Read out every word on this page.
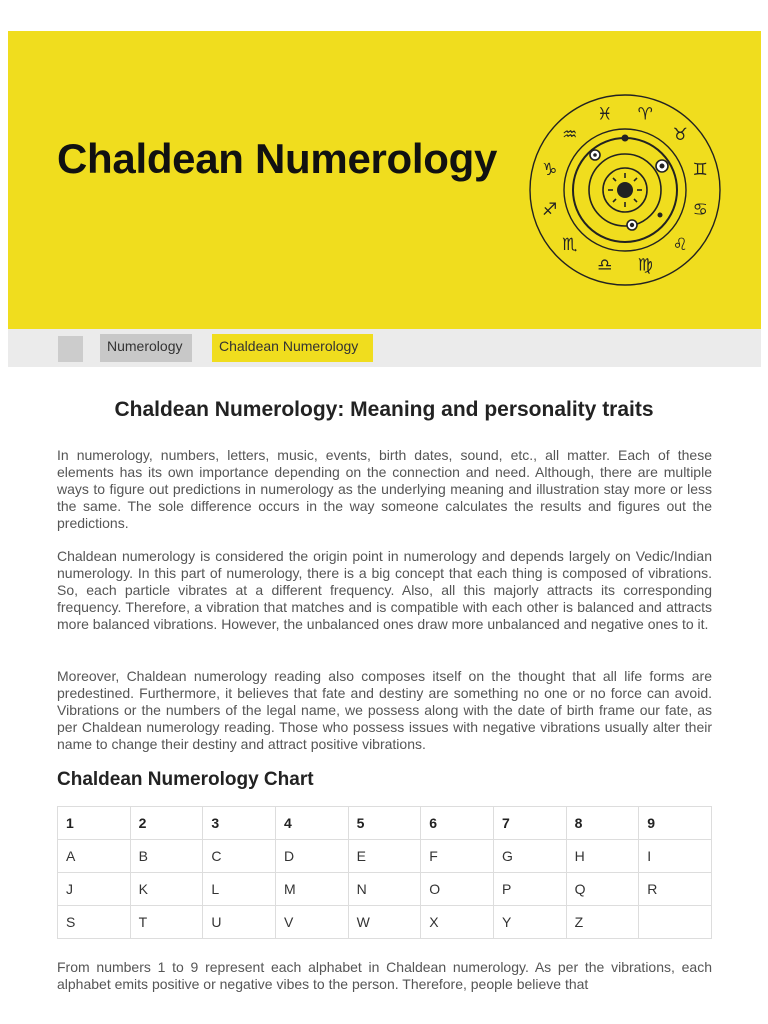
Chaldean Numerology
♓ ♈
♉
♊
♋
♌
♍
♎
♏
♐
♑
♒
Numerology	Chaldean Numerology
Chaldean Numerology: Meaning and personality traits

In numerology, numbers, letters, music, events, birth dates, sound, etc., all matter. Each of these elements has its own importance depending on the connection and need. Although, there are multiple ways to figure out predictions in numerology as the underlying meaning and illustration stay more or less the same. The sole difference occurs in the way someone calculates the results and figures out the predictions.

Chaldean numerology is considered the origin point in numerology and depends largely on Vedic/Indian numerology. In this part of numerology, there is a big concept that each thing is composed of vibrations. So, each particle vibrates at a different frequency. Also, all this majorly attracts its corresponding frequency. Therefore, a vibration that matches and is compatible with each other is balanced and attracts more balanced vibrations. However, the unbalanced ones draw more unbalanced and negative ones to it.

Moreover, Chaldean numerology reading also composes itself on the thought that all life forms are predestined. Furthermore, it believes that fate and destiny are something no one or no force can avoid. Vibrations or the numbers of the legal name, we possess along with the date of birth frame our fate, as per Chaldean numerology reading. Those who possess issues with negative vibrations usually alter their name to change their destiny and attract positive vibrations.

Chaldean Numerology Chart
1	2	3	4	5	6	7	8	9
A	B	C	D	E	F	G	H	I
J	K	L	M	N	O	P	Q	R
S	T	U	V	W	X	Y	Z	

From numbers 1 to 9 represent each alphabet in Chaldean numerology. As per the vibrations, each alphabet emits positive or negative vibes to the person. Therefore, people believe that
